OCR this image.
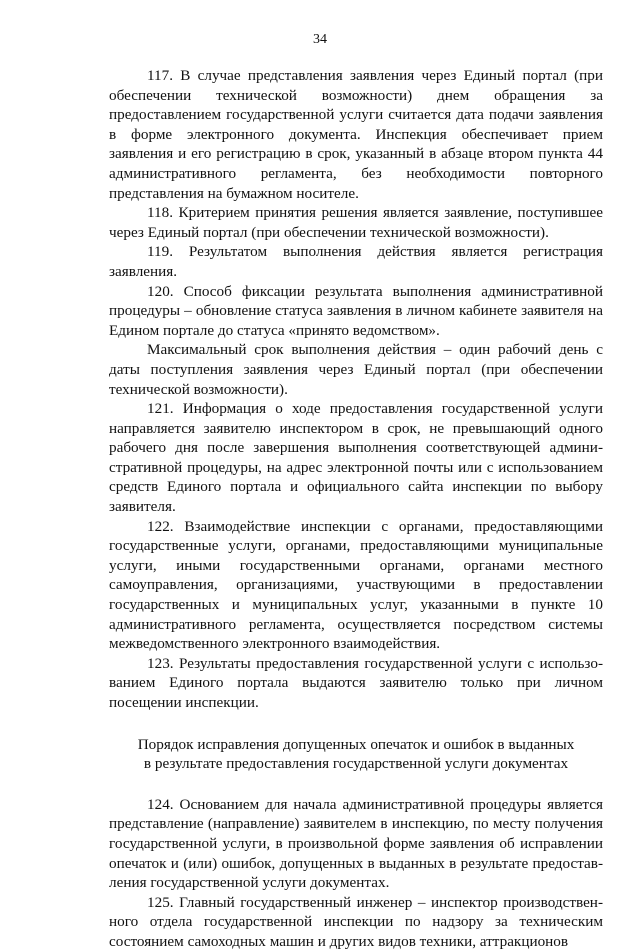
34

117. В случае представления заявления через Единый портал (при обеспечении технической возможности) днем обращения за предоставлением государственной услуги считается дата подачи заявления в форме электронного документа. Инспекция обеспечивает прием заявления и его регистрацию в срок, указанный в абзаце втором пункта 44 административного регламента, без необходимости повторного представления на бумажном носителе.

118. Критерием принятия решения является заявление, поступившее через Единый портал (при обеспечении технической возможности).

119. Результатом выполнения действия является регистрация заявления.

120. Способ фиксации результата выполнения административной процедуры – обновление статуса заявления в личном кабинете заявителя на Едином портале до статуса «принято ведомством».

Максимальный срок выполнения действия – один рабочий день с даты поступления заявления через Единый портал (при обеспечении технической возможности).

121. Информация о ходе предоставления государственной услуги направляется заявителю инспектором в срок, не превышающий одного рабочего дня после завершения выполнения соответствующей административной процедуры, на адрес электронной почты или с использованием средств Единого портала и официального сайта инспекции по выбору заявителя.

122. Взаимодействие инспекции с органами, предоставляющими государственные услуги, органами, предоставляющими муниципальные услуги, иными государственными органами, органами местного самоуправления, организациями, участвующими в предоставлении государственных и муниципальных услуг, указанными в пункте 10 административного регламента, осуществляется посредством системы межведомственного электронного взаимодействия.

123. Результаты предоставления государственной услуги с использованием Единого портала выдаются заявителю только при личном посещении инспекции.

Порядок исправления допущенных опечаток и ошибок в выданных
в результате предоставления государственной услуги документах

124. Основанием для начала административной процедуры является представление (направление) заявителем в инспекцию, по месту получения государственной услуги, в произвольной форме заявления об исправлении опечаток и (или) ошибок, допущенных в выданных в результате предоставления государственной услуги документах.

125. Главный государственный инженер – инспектор производственного отдела государственной инспекции по надзору за техническим состоянием самоходных машин и других видов техники, аттракционов
